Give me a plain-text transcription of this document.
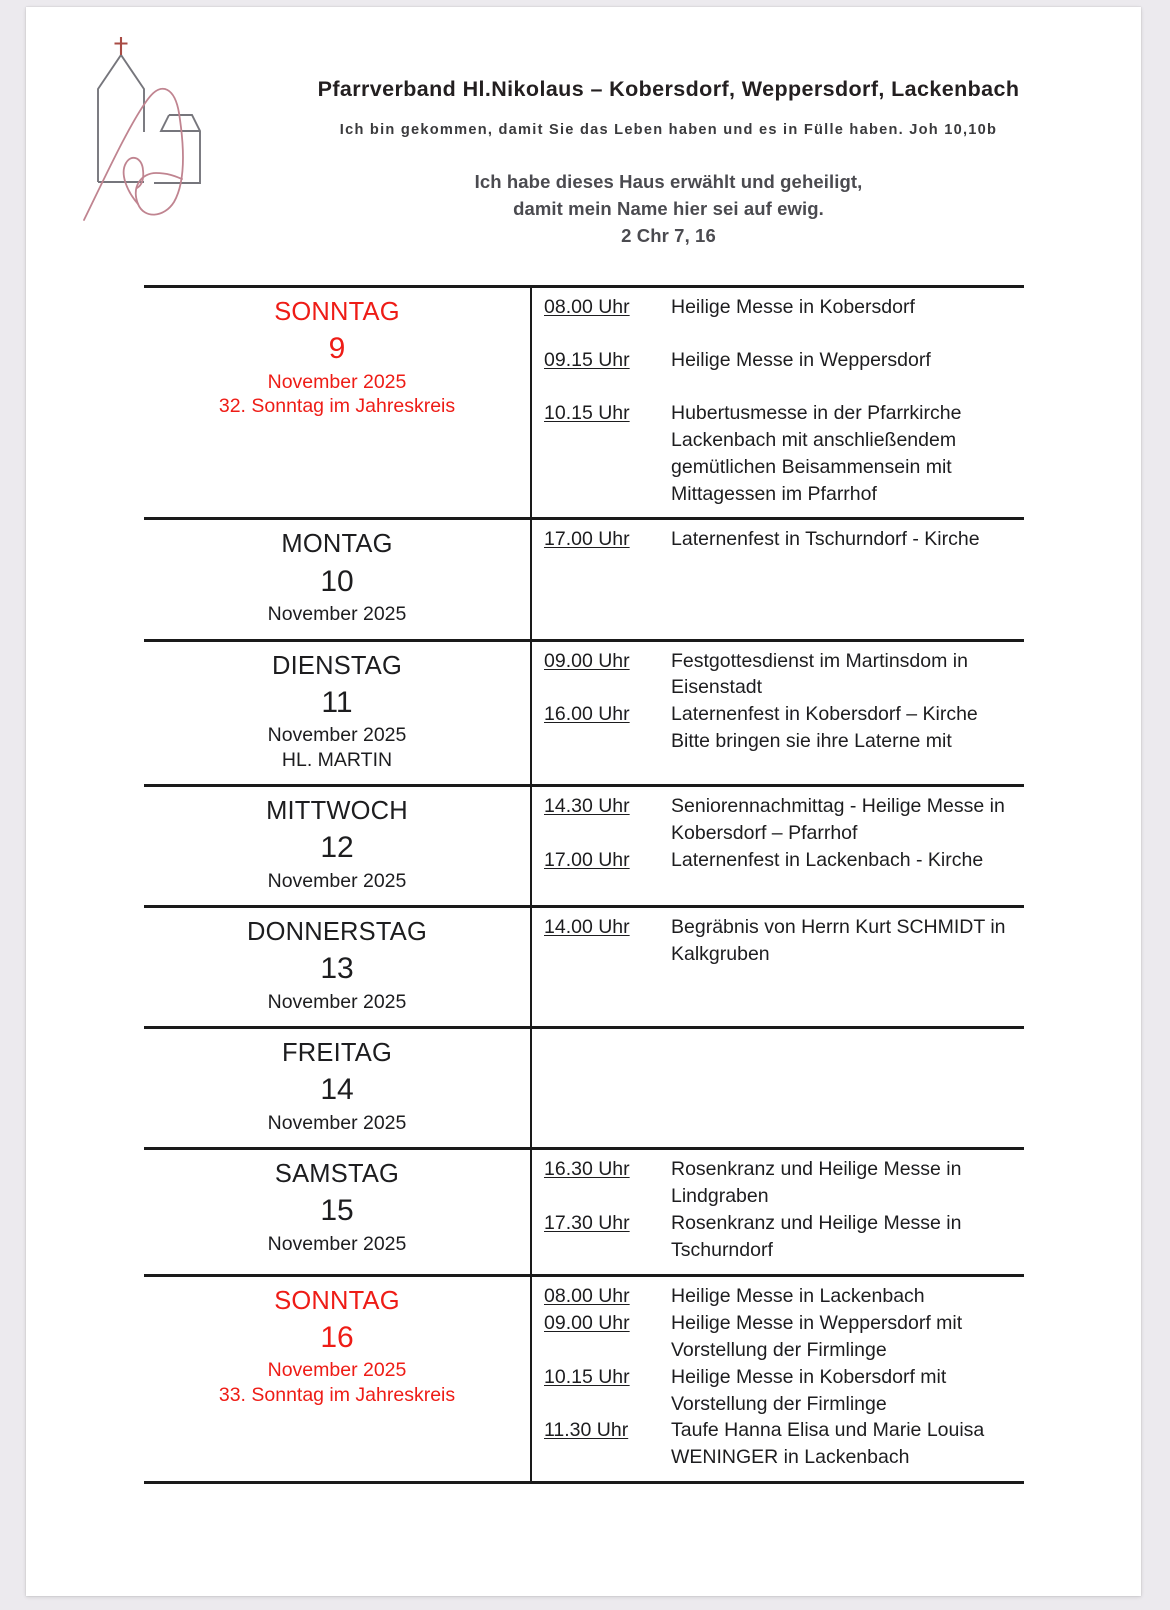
Pfarrverband Hl.Nikolaus – Kobersdorf, Weppersdorf, Lackenbach
Ich bin gekommen, damit Sie das Leben haben und es in Fülle haben. Joh 10,10b
Ich habe dieses Haus erwählt und geheiligt,
damit mein Name hier sei auf ewig.
2 Chr 7, 16
SONNTAG
9
November 2025
32. Sonntag im Jahreskreis

08.00 Uhr	Heilige Messe in Kobersdorf
09.15 Uhr	Heilige Messe in Weppersdorf
10.15 Uhr	Hubertusmesse in der Pfarrkirche Lackenbach mit anschließendem gemütlichen Beisammensein mit Mittagessen im Pfarrhof

MONTAG
10
November 2025

17.00 Uhr	Laternenfest in Tschurndorf - Kirche

DIENSTAG
11
November 2025
HL. MARTIN

09.00 Uhr	Festgottesdienst im Martinsdom in Eisenstadt
16.00 Uhr	Laternenfest in Kobersdorf – Kirche Bitte bringen sie ihre Laterne mit

MITTWOCH
12
November 2025

14.30 Uhr	Seniorennachmittag - Heilige Messe in Kobersdorf – Pfarrhof
17.00 Uhr	Laternenfest in Lackenbach - Kirche

DONNERSTAG
13
November 2025

14.00 Uhr	Begräbnis von Herrn Kurt SCHMIDT in Kalkgruben

FREITAG
14
November 2025	

SAMSTAG
15
November 2025

16.30 Uhr	Rosenkranz und Heilige Messe in Lindgraben
17.30 Uhr	Rosenkranz und Heilige Messe in Tschurndorf

SONNTAG
16
November 2025
33. Sonntag im Jahreskreis

08.00 Uhr	Heilige Messe in Lackenbach
09.00 Uhr	Heilige Messe in Weppersdorf mit Vorstellung der Firmlinge
10.15 Uhr	Heilige Messe in Kobersdorf mit Vorstellung der Firmlinge
11.30 Uhr	Taufe Hanna Elisa und Marie Louisa WENINGER in Lackenbach
